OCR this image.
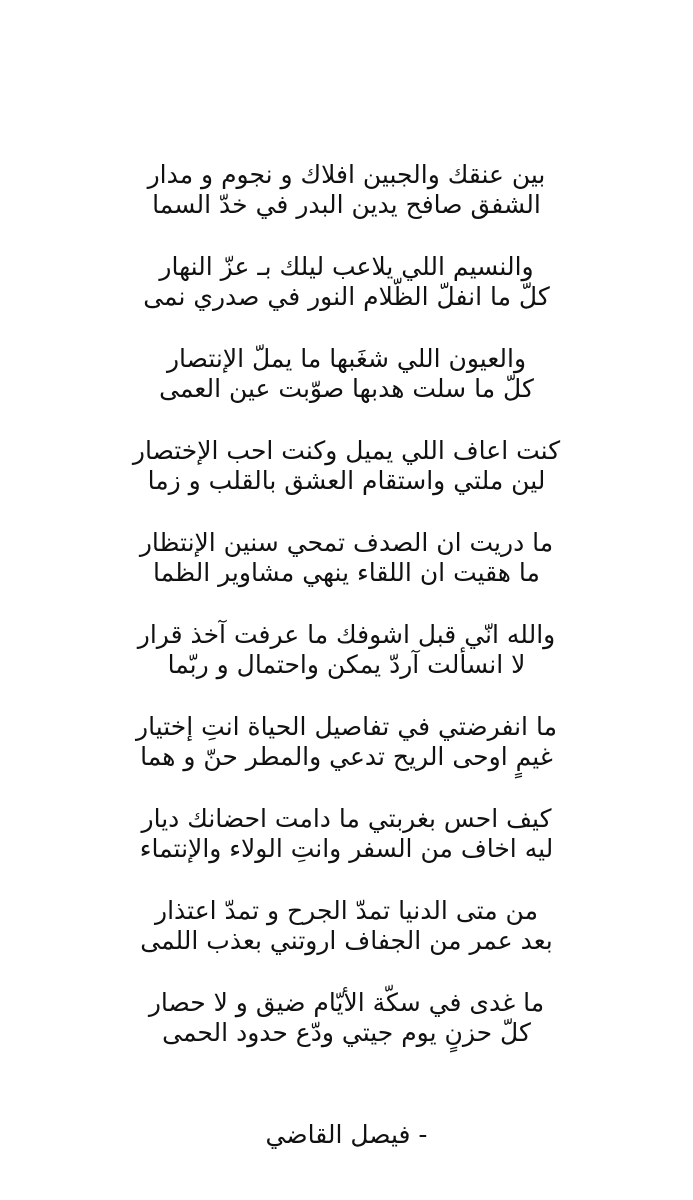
بين عنقك والجبين افلاك و نجوم و مدار
الشفق صافح يدين البدر في خدّ السما
والنسيم اللي يلاعب ليلك بـ عزّ النهار
كلّ ما انفلّ الظّلام النور في صدري نمى
والعيون اللي شغَبها ما يملّ الإنتصار
كلّ ما سلت هدبها صوّبت عين العمى
كنت اعاف اللي يميل وكنت احب الإختصار
لين ملتي واستقام العشق بالقلب و زما
ما دريت ان الصدف تمحي سنين الإنتظار
ما هقيت ان اللقاء ينهي مشاوير الظما
والله انّي قبل اشوفك ما عرفت آخذ قرار
لا انسألت آردّ يمكن واحتمال و ربّما
ما انفرضتي في تفاصيل الحياة انتِ إختيار
غيمٍ اوحى الريح تدعي والمطر حنّ و هما
كيف احس بغربتي ما دامت احضانك ديار
ليه اخاف من السفر وانتِ الولاء والإنتماء
من متى الدنيا تمدّ الجرح و تمدّ اعتذار
بعد عمر من الجفاف اروتني بعذب اللمى
ما غدى في سكّة الأيّام ضيق و لا حصار
كلّ حزنٍ يوم جيتي ودّع حدود الحمى
- فيصل القاضي
